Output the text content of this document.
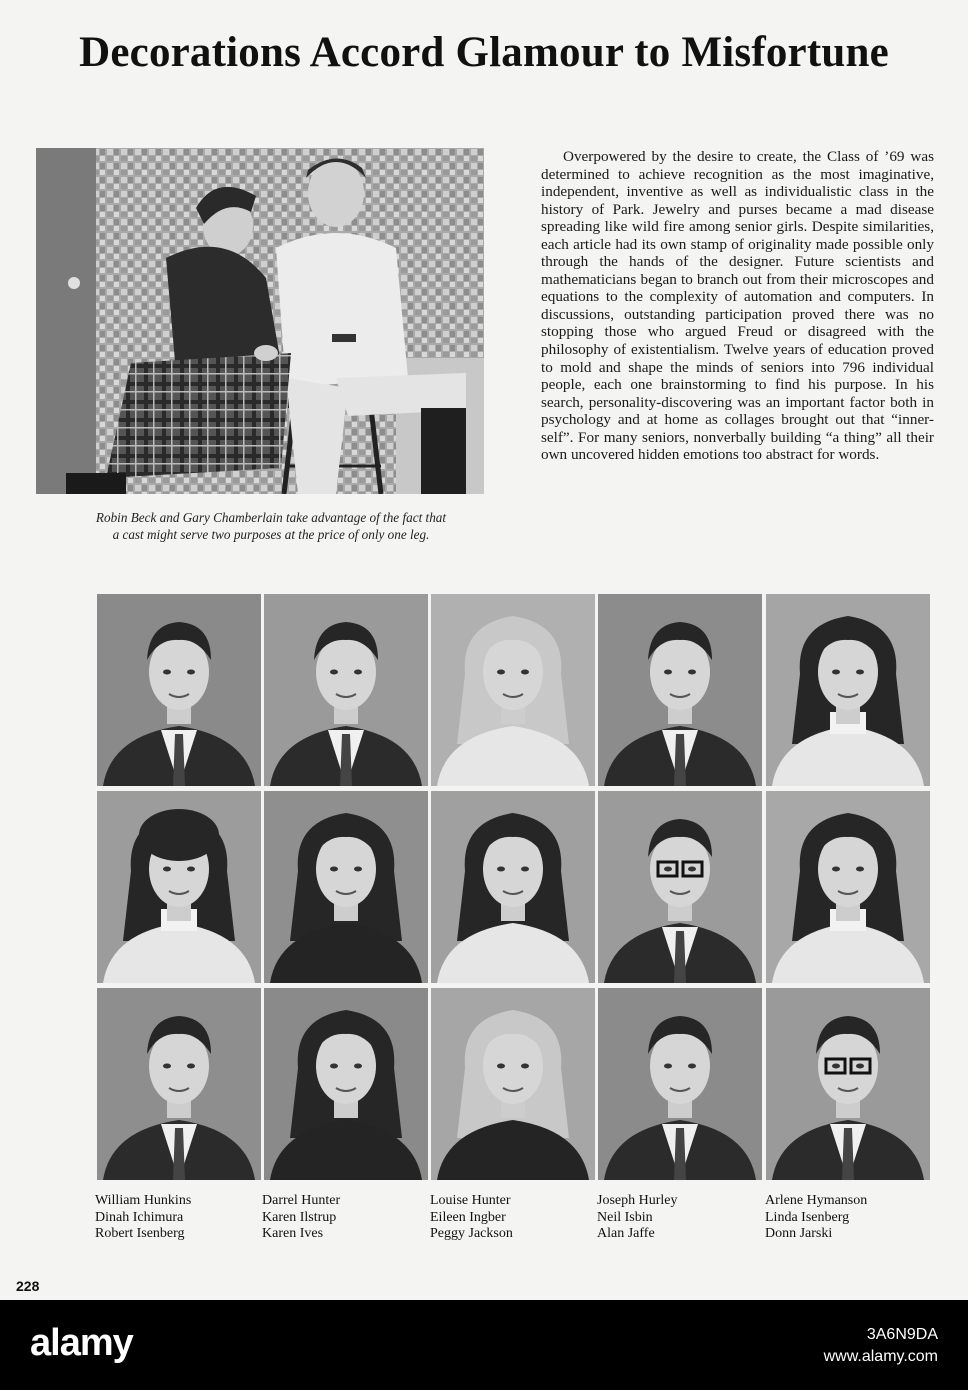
Decorations Accord Glamour to Misfortune
Robin Beck and Gary Chamberlain take advantage of the fact that
a cast might serve two purposes at the price of only one leg.

Overpowered by the desire to create, the Class of ’69 was determined to achieve recognition as the most imaginative, independent, inventive as well as individualistic class in the history of Park. Jewelry and purses became a mad disease spreading like wild fire among senior girls. Despite similarities, each article had its own stamp of originality made possible only through the hands of the designer. Future scientists and mathematicians began to branch out from their microscopes and equations to the complexity of automation and computers. In discussions, outstanding participation proved there was no stopping those who argued Freud or disagreed with the philosophy of existentialism. Twelve years of education proved to mold and shape the minds of seniors into 796 individual people, each one brainstorming to find his purpose. In his search, personality-discovering was an important factor both in psychology and at home as collages brought out that “inner-self”. For many seniors, nonverbally building “a thing” all their own uncovered hidden emotions too abstract for words.

William Hunkins
Dinah Ichimura
Robert Isenberg
Darrel Hunter
Karen Ilstrup
Karen Ives
Louise Hunter
Eileen Ingber
Peggy Jackson
Joseph Hurley
Neil Isbin
Alan Jaffe
Arlene Hymanson
Linda Isenberg
Donn Jarski
228
alamy	3A6N9DA
www.alamy.com
